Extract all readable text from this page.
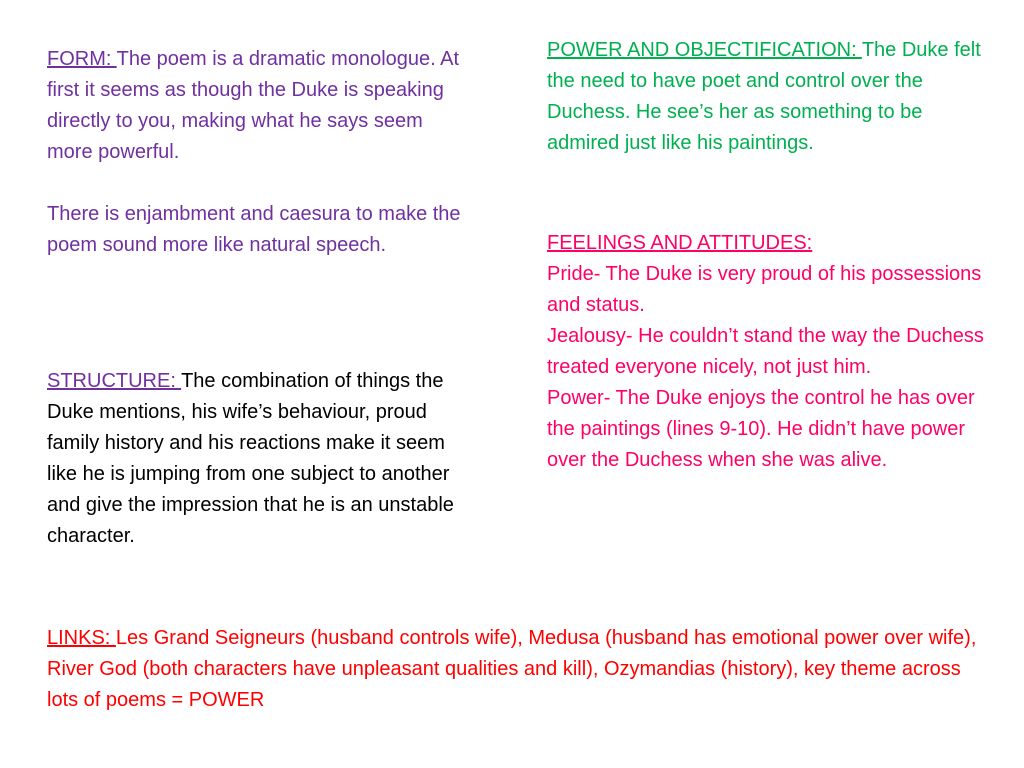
FORM: The poem is a dramatic monologue. At first it seems as though the Duke is speaking directly to you, making what he says seem more powerful.

There is enjambment and caesura to make the poem sound more like natural speech.

STRUCTURE: The combination of things the Duke mentions, his wife’s behaviour, proud family history and his reactions make it seem like he is jumping from one subject to another and give the impression that he is an unstable character.

POWER AND OBJECTIFICATION: The Duke felt the need to have poet and control over the Duchess. He see’s her as something to be admired just like his paintings.

FEELINGS AND ATTITUDES:

Pride- The Duke is very proud of his possessions and status.

Jealousy- He couldn’t stand the way the Duchess treated everyone nicely, not just him.

Power- The Duke enjoys the control he has over the paintings (lines 9-10). He didn’t have power over the Duchess when she was alive.

LINKS: Les Grand Seigneurs (husband controls wife), Medusa (husband has emotional power over wife), River God (both characters have unpleasant qualities and kill), Ozymandias (history), key theme across lots of poems = POWER
